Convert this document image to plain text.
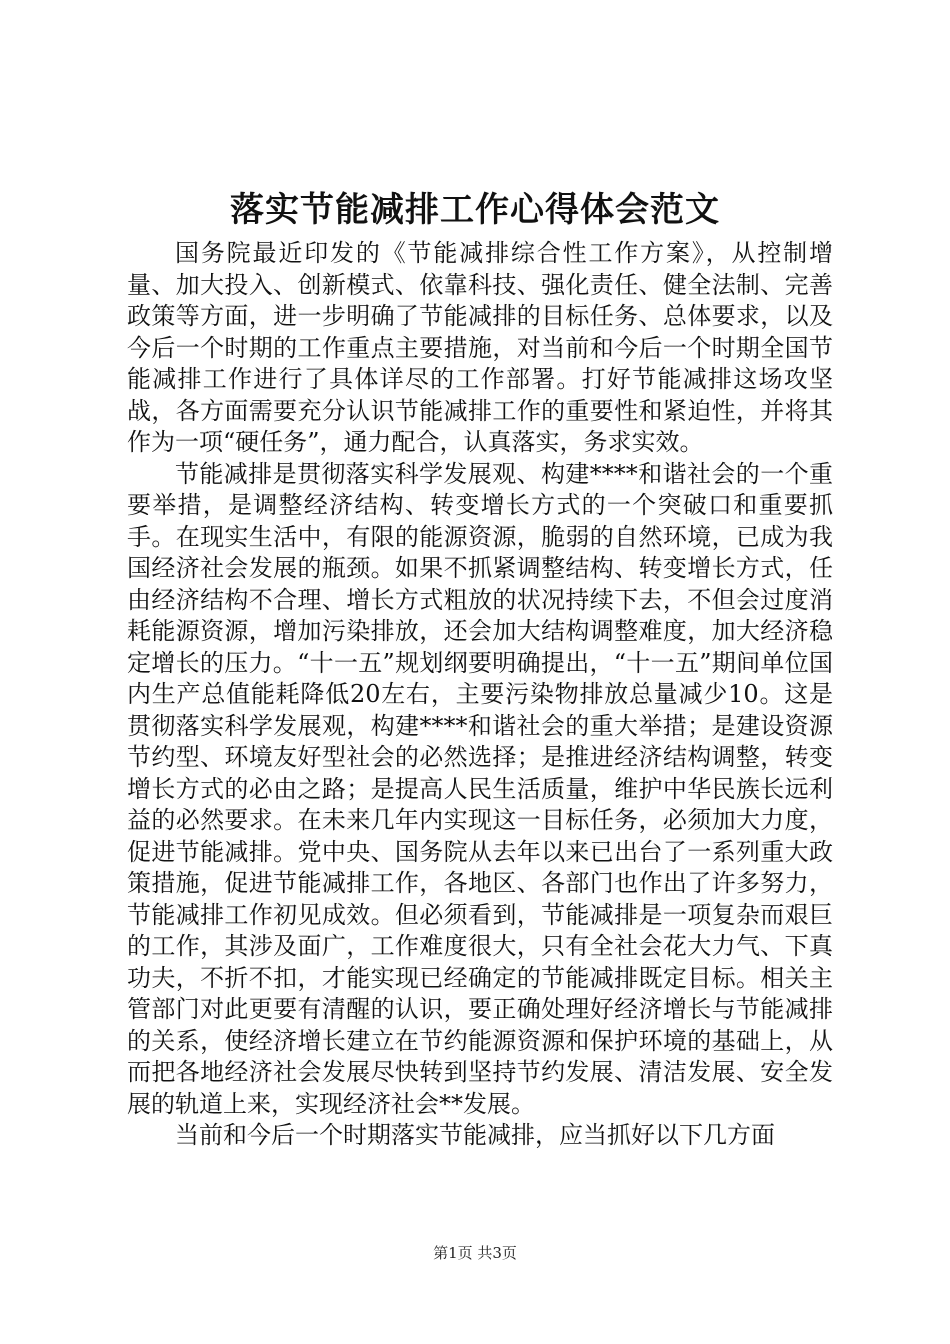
落实节能减排工作心得体会范文

国务院最近印发的《节能减排综合性工作方案》，从控制增量、加大投入、创新模式、依靠科技、强化责任、健全法制、完善政策等方面，进一步明确了节能减排的目标任务、总体要求，以及今后一个时期的工作重点主要措施，对当前和今后一个时期全国节能减排工作进行了具体详尽的工作部署。打好节能减排这场攻坚战，各方面需要充分认识节能减排工作的重要性和紧迫性，并将其作为一项“硬任务”，通力配合，认真落实，务求实效。

节能减排是贯彻落实科学发展观、构建****和谐社会的一个重要举措，是调整经济结构、转变增长方式的一个突破口和重要抓手。在现实生活中，有限的能源资源，脆弱的自然环境，已成为我国经济社会发展的瓶颈。如果不抓紧调整结构、转变增长方式，任由经济结构不合理、增长方式粗放的状况持续下去，不但会过度消耗能源资源，增加污染排放，还会加大结构调整难度，加大经济稳定增长的压力。“十一五”规划纲要明确提出，“十一五”期间单位国内生产总值能耗降低20左右，主要污染物排放总量减少10。这是贯彻落实科学发展观，构建****和谐社会的重大举措；是建设资源节约型、环境友好型社会的必然选择；是推进经济结构调整，转变增长方式的必由之路；是提高人民生活质量，维护中华民族长远利益的必然要求。在未来几年内实现这一目标任务，必须加大力度，促进节能减排。党中央、国务院从去年以来已出台了一系列重大政策措施，促进节能减排工作，各地区、各部门也作出了许多努力，节能减排工作初见成效。但必须看到，节能减排是一项复杂而艰巨的工作，其涉及面广，工作难度很大，只有全社会花大力气、下真功夫，不折不扣，才能实现已经确定的节能减排既定目标。相关主管部门对此更要有清醒的认识，要正确处理好经济增长与节能减排的关系，使经济增长建立在节约能源资源和保护环境的基础上，从而把各地经济社会发展尽快转到坚持节约发展、清洁发展、安全发展的轨道上来，实现经济社会**发展。

当前和今后一个时期落实节能减排，应当抓好以下几方面

第1页 共3页
